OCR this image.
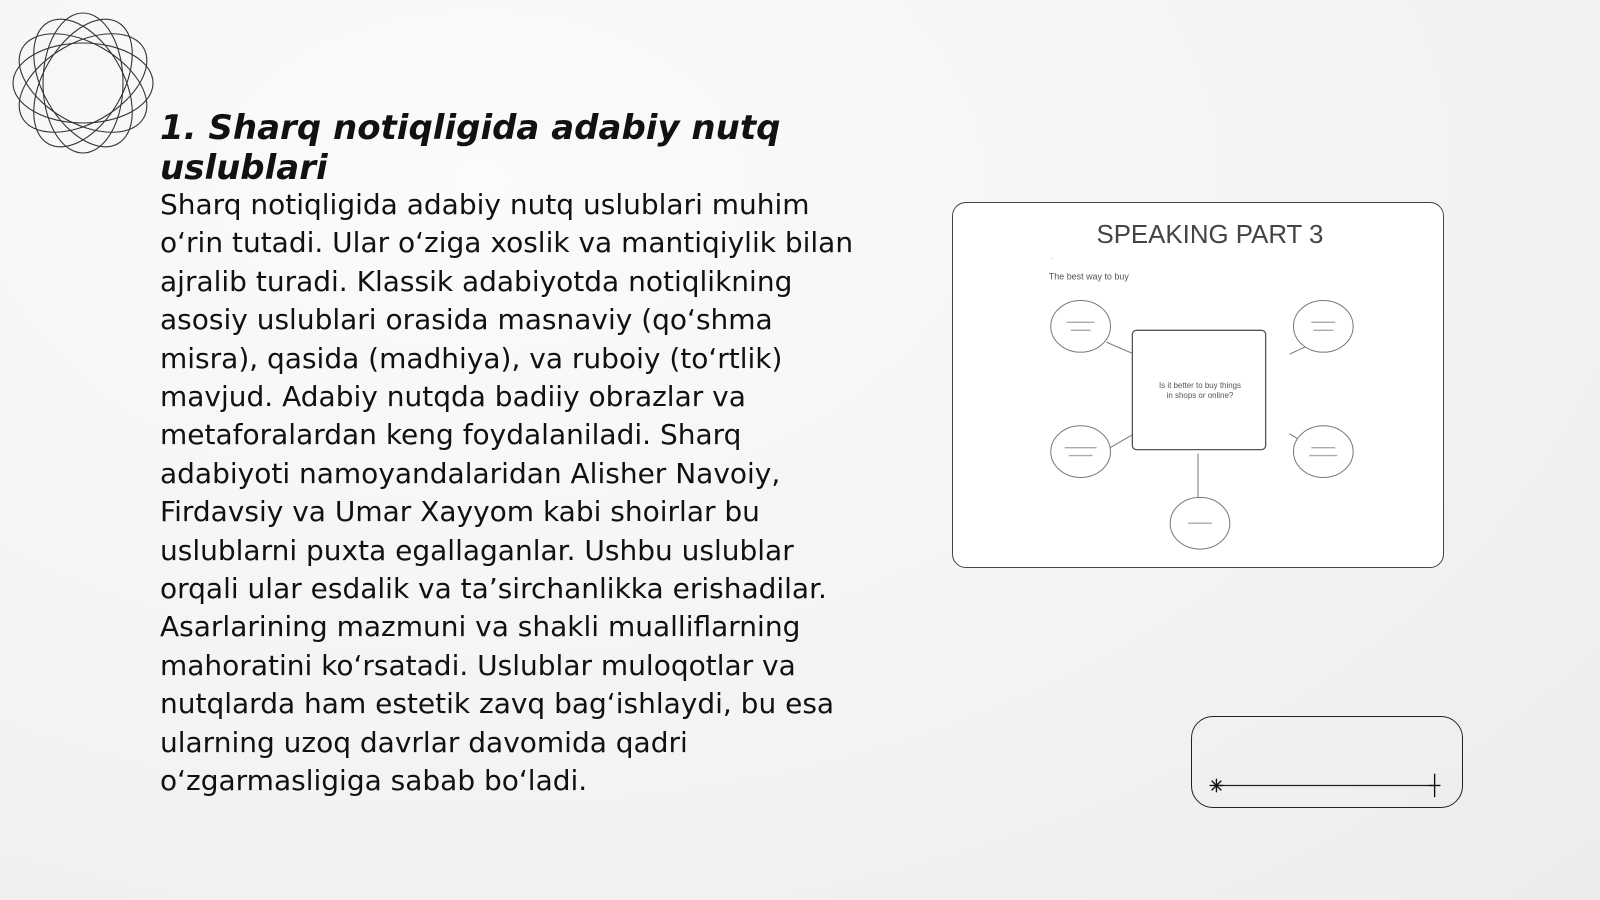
1. Sharq notiqligida adabiy nutq uslublari

Sharq notiqligida adabiy nutq uslublari muhim o‘rin tutadi. Ular o‘ziga xoslik va mantiqiylik bilan ajralib turadi. Klassik adabiyotda notiqlikning asosiy uslublari orasida masnaviy (qo‘shma misra), qasida (madhiya), va ruboiy (to‘rtlik) mavjud. Adabiy nutqda badiiy obrazlar va metaforalardan keng foydalaniladi. Sharq adabiyoti namoyandalaridan Alisher Navoiy, Firdavsiy va Umar Xayyom kabi shoirlar bu uslublarni puxta egallaganlar. Ushbu uslublar orqali ular esdalik va ta’sirchanlikka erishadilar. Asarlarining mazmuni va shakli mualliflarning mahoratini ko‘rsatadi. Uslublar muloqotlar va nutqlarda ham estetik zavq bag‘ishlaydi, bu esa ularning uzoq davrlar davomida qadri o‘zgarmasligiga sabab bo‘ladi.

SPEAKING PART 3
·
The best way to buy
Is it better to buy things
in shops or online?
